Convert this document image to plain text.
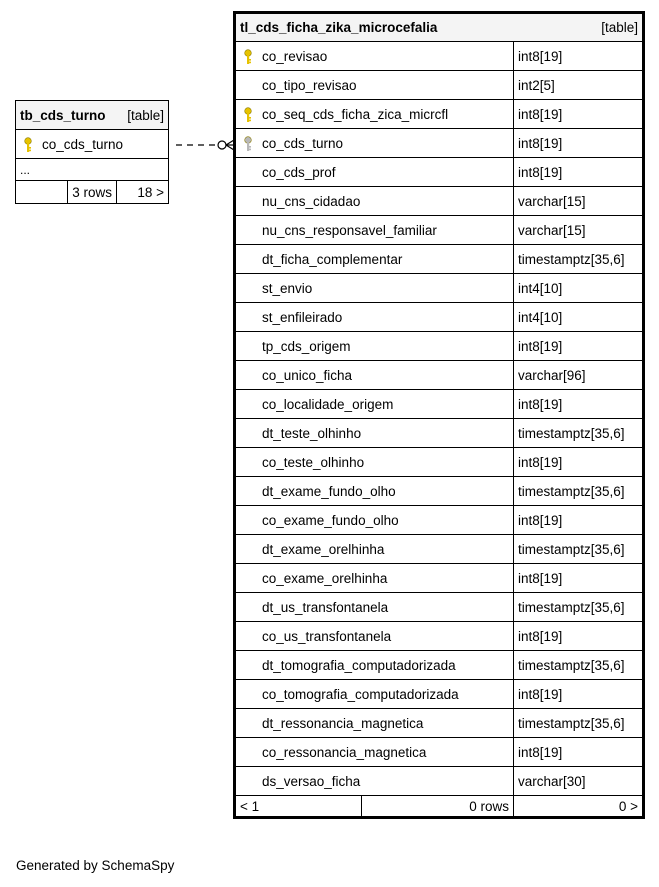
tb_cds_turno [table]

co_cds_turno
...
	3 rows	18 >
tl_cds_ficha_zika_microcefalia [table]		

co_revisao		int8[19]
co_tipo_revisao		int2[5]

co_seq_cds_ficha_zica_micrcfl		int8[19]

co_cds_turno		int8[19]
co_cds_prof		int8[19]
nu_cns_cidadao		varchar[15]
nu_cns_responsavel_familiar		varchar[15]
dt_ficha_complementar		timestamptz[35,6]
st_envio		int4[10]
st_enfileirado		int4[10]
tp_cds_origem		int8[19]
co_unico_ficha		varchar[96]
co_localidade_origem		int8[19]
dt_teste_olhinho		timestamptz[35,6]
co_teste_olhinho		int8[19]
dt_exame_fundo_olho		timestamptz[35,6]
co_exame_fundo_olho		int8[19]
dt_exame_orelhinha		timestamptz[35,6]
co_exame_orelhinha		int8[19]
dt_us_transfontanela		timestamptz[35,6]
co_us_transfontanela		int8[19]
dt_tomografia_computadorizada		timestamptz[35,6]
co_tomografia_computadorizada		int8[19]
dt_ressonancia_magnetica		timestamptz[35,6]
co_ressonancia_magnetica		int8[19]
ds_versao_ficha		varchar[30]
< 1	0 rows	0 >
Generated by SchemaSpy
